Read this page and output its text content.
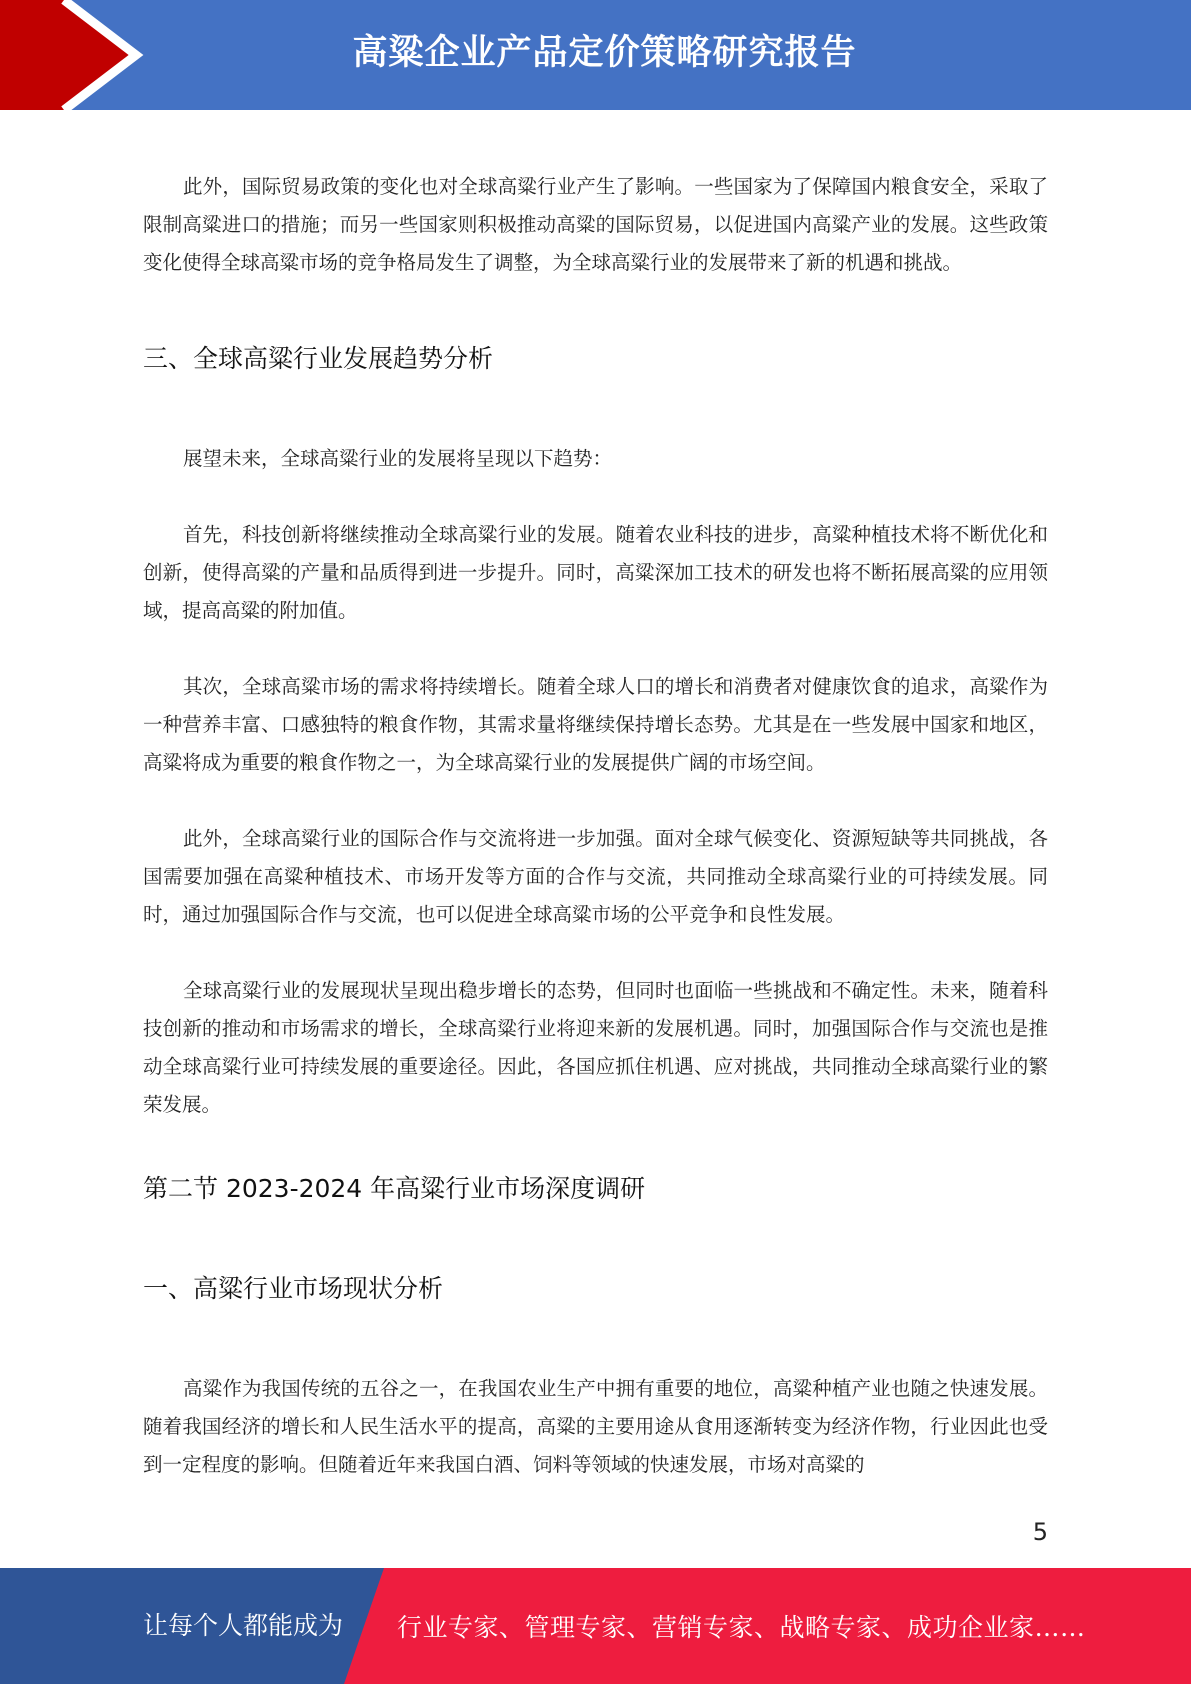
高粱企业产品定价策略研究报告

此外，国际贸易政策的变化也对全球高粱行业产生了影响。一些国家为了保障国内粮食安全，采取了限制高粱进口的措施；而另一些国家则积极推动高粱的国际贸易，以促进国内高粱产业的发展。这些政策变化使得全球高粱市场的竞争格局发生了调整，为全球高粱行业的发展带来了新的机遇和挑战。

三、全球高粱行业发展趋势分析

展望未来，全球高粱行业的发展将呈现以下趋势：

首先，科技创新将继续推动全球高粱行业的发展。随着农业科技的进步，高粱种植技术将不断优化和创新，使得高粱的产量和品质得到进一步提升。同时，高粱深加工技术的研发也将不断拓展高粱的应用领域，提高高粱的附加值。

其次，全球高粱市场的需求将持续增长。随着全球人口的增长和消费者对健康饮食的追求，高粱作为一种营养丰富、口感独特的粮食作物，其需求量将继续保持增长态势。尤其是在一些发展中国家和地区，高粱将成为重要的粮食作物之一，为全球高粱行业的发展提供广阔的市场空间。

此外，全球高粱行业的国际合作与交流将进一步加强。面对全球气候变化、资源短缺等共同挑战，各国需要加强在高粱种植技术、市场开发等方面的合作与交流，共同推动全球高粱行业的可持续发展。同时，通过加强国际合作与交流，也可以促进全球高粱市场的公平竞争和良性发展。

全球高粱行业的发展现状呈现出稳步增长的态势，但同时也面临一些挑战和不确定性。未来，随着科技创新的推动和市场需求的增长，全球高粱行业将迎来新的发展机遇。同时，加强国际合作与交流也是推动全球高粱行业可持续发展的重要途径。因此，各国应抓住机遇、应对挑战，共同推动全球高粱行业的繁荣发展。

第二节 2023-2024 年高粱行业市场深度调研
一、高粱行业市场现状分析

高粱作为我国传统的五谷之一，在我国农业生产中拥有重要的地位，高粱种植产业也随之快速发展。随着我国经济的增长和人民生活水平的提高，高粱的主要用途从食用逐渐转变为经济作物，行业因此也受到一定程度的影响。但随着近年来我国白酒、饲料等领域的快速发展，市场对高粱的

5
让每个人都能成为 行业专家、管理专家、营销专家、战略专家、成功企业家……
